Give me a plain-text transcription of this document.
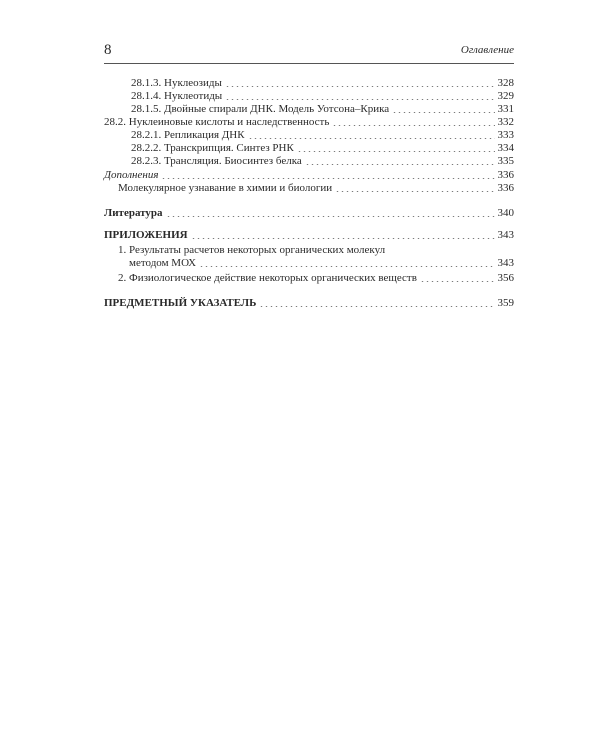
8	Оглавление
28.1.3. Нуклеозиды	328
28.1.4. Нуклеотиды	329
28.1.5. Двойные спирали ДНК. Модель Уотсона–Крика	331
28.2. Нуклеиновые кислоты и наследственность	332
28.2.1. Репликация ДНК	333
28.2.2. Транскрипция. Синтез РНК	334
28.2.3. Трансляция. Биосинтез белка	335
Дополнения	336
Молекулярное узнавание в химии и биологии	336
Литература	340
ПРИЛОЖЕНИЯ	343
1. Результаты расчетов некоторых органических молекул
методом МОХ	343
2. Физиологическое действие некоторых органических веществ	356
ПРЕДМЕТНЫЙ УКАЗАТЕЛЬ	359
